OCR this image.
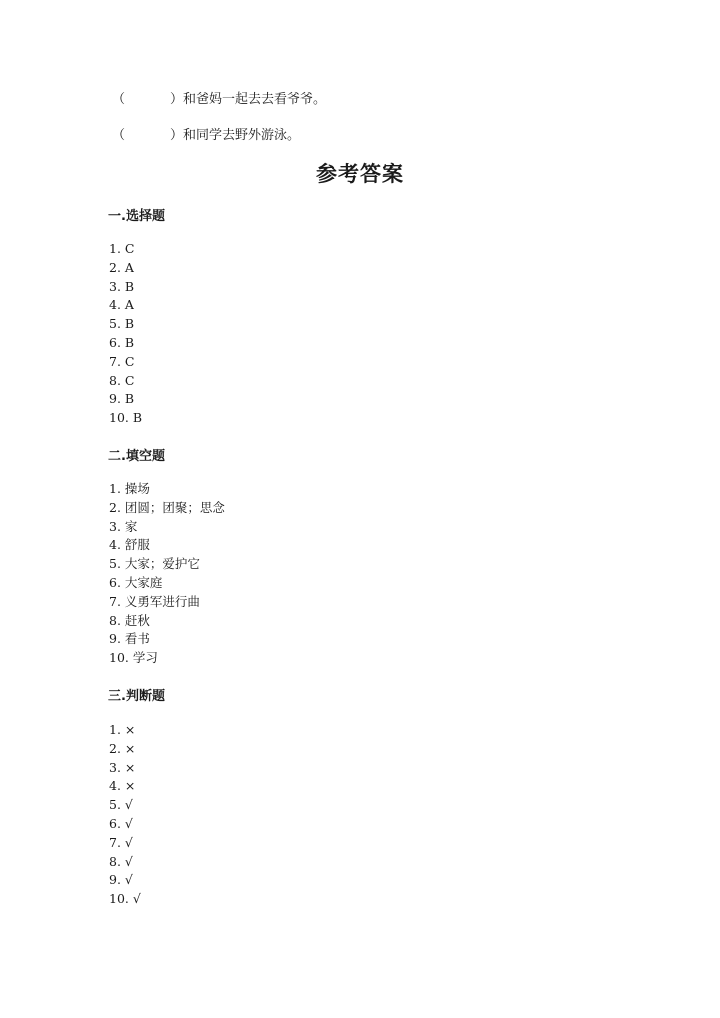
（	）和爸妈一起去去看爷爷。
（	）和同学去野外游泳。
参考答案
一.选择题
1. C
2. A
3. B
4. A
5. B
6. B
7. C
8. C
9. B
10. B
二.填空题
1. 操场
2. 团圆；团聚；思念
3. 家
4. 舒服
5. 大家；爱护它
6. 大家庭
7. 义勇军进行曲
8. 赶秋
9. 看书
10. 学习
三.判断题
1. ×
2. ×
3. ×
4. ×
5. √
6. √
7. √
8. √
9. √
10. √
